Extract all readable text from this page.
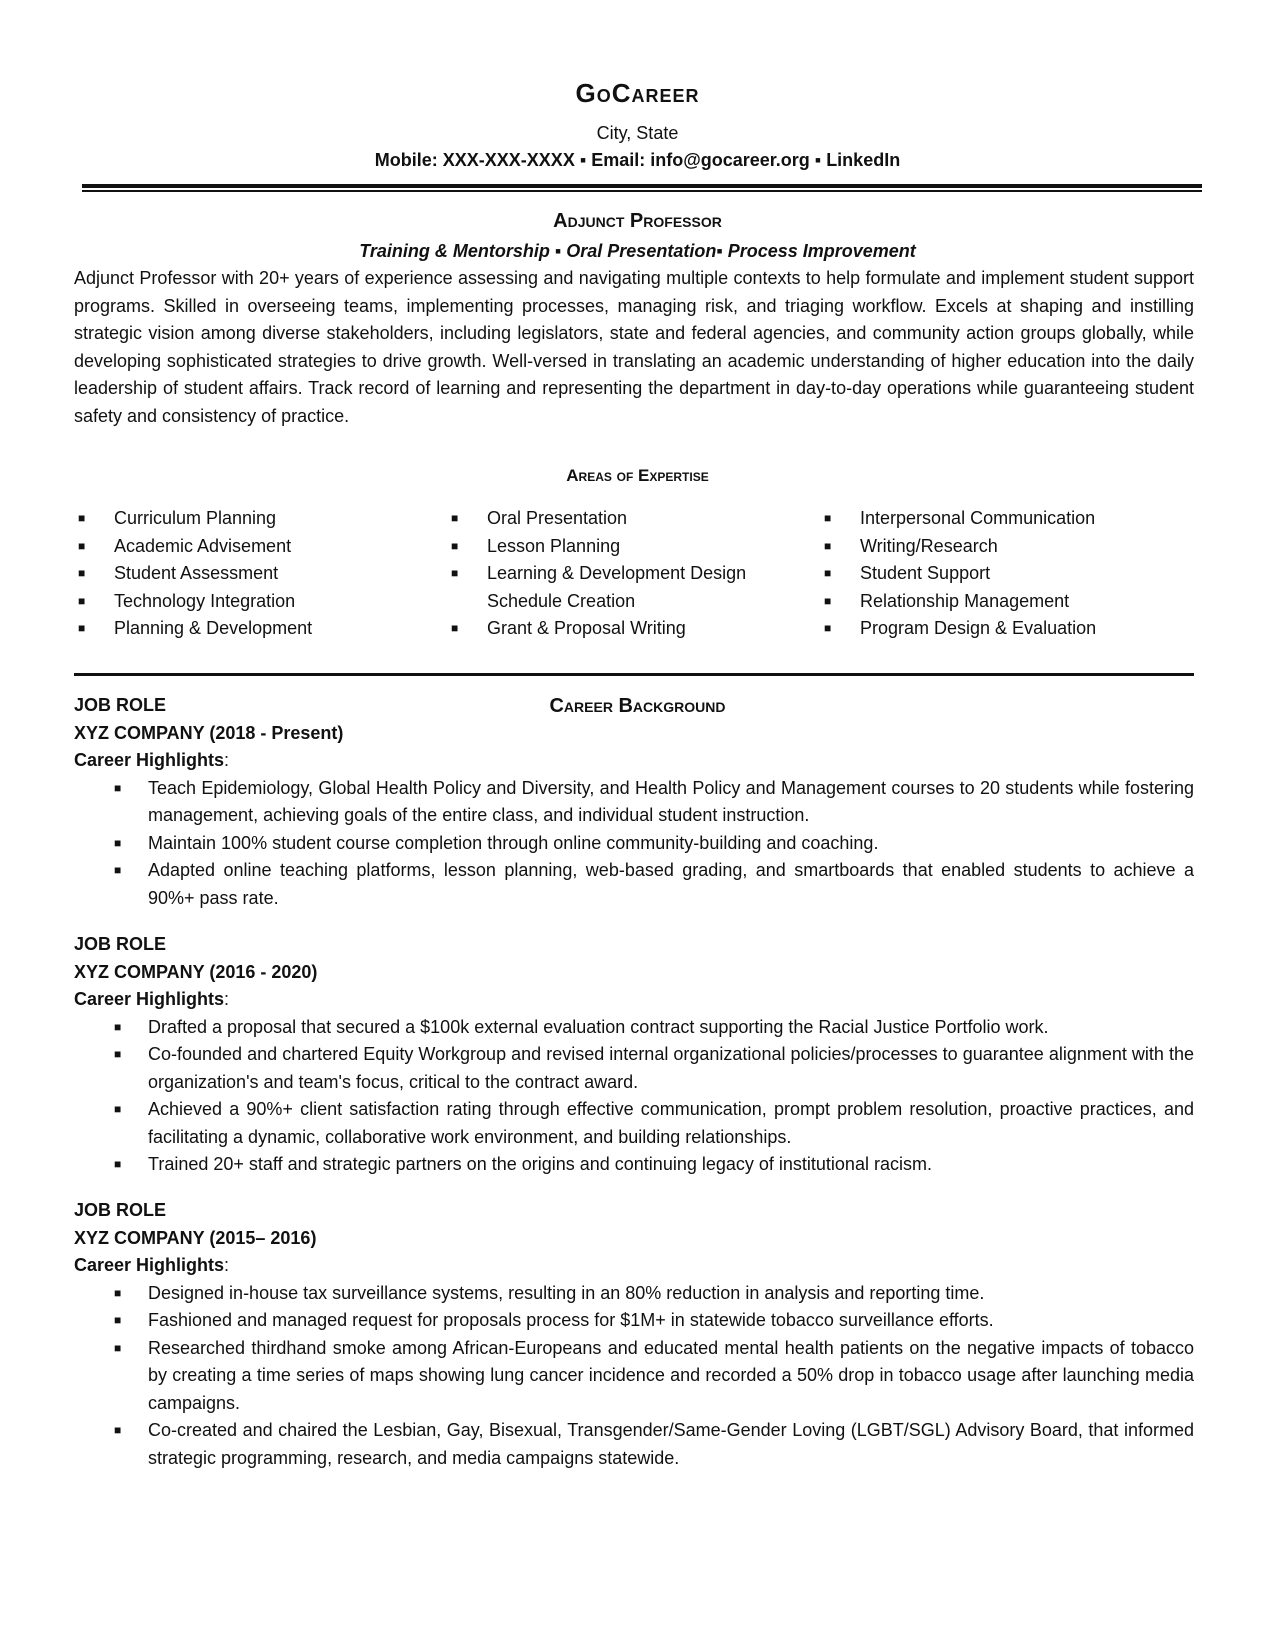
GoCareer
City, State
Mobile: XXX-XXX-XXXX ▪ Email: info@gocareer.org ▪ LinkedIn
Adjunct Professor
Training & Mentorship ▪ Oral Presentation▪ Process Improvement
Adjunct Professor with 20+ years of experience assessing and navigating multiple contexts to help formulate and implement student support programs. Skilled in overseeing teams, implementing processes, managing risk, and triaging workflow. Excels at shaping and instilling strategic vision among diverse stakeholders, including legislators, state and federal agencies, and community action groups globally, while developing sophisticated strategies to drive growth. Well-versed in translating an academic understanding of higher education into the daily leadership of student affairs. Track record of learning and representing the department in day-to-day operations while guaranteeing student safety and consistency of practice.
Areas of Expertise
■ Curriculum Planning
■ Academic Advisement
■ Student Assessment
■ Technology Integration
■ Planning & Development
■ Oral Presentation
■ Lesson Planning
■ Learning & Development Design
Schedule Creation
■ Grant & Proposal Writing
■ Interpersonal Communication
■ Writing/Research
■ Student Support
■ Relationship Management
■ Program Design & Evaluation
Career Background
JOB ROLE
XYZ COMPANY (2018 - Present)
Career Highlights:
■ Teach Epidemiology, Global Health Policy and Diversity, and Health Policy and Management courses to 20 students while fostering management, achieving goals of the entire class, and individual student instruction.
■ Maintain 100% student course completion through online community-building and coaching.
■ Adapted online teaching platforms, lesson planning, web-based grading, and smartboards that enabled students to achieve a 90%+ pass rate.
JOB ROLE
XYZ COMPANY (2016 - 2020)
Career Highlights:
■ Drafted a proposal that secured a $100k external evaluation contract supporting the Racial Justice Portfolio work.
■ Co-founded and chartered Equity Workgroup and revised internal organizational policies/processes to guarantee alignment with the organization's and team's focus, critical to the contract award.
■ Achieved a 90%+ client satisfaction rating through effective communication, prompt problem resolution, proactive practices, and facilitating a dynamic, collaborative work environment, and building relationships.
■ Trained 20+ staff and strategic partners on the origins and continuing legacy of institutional racism.
JOB ROLE
XYZ COMPANY (2015– 2016)
Career Highlights:
■ Designed in-house tax surveillance systems, resulting in an 80% reduction in analysis and reporting time.
■ Fashioned and managed request for proposals process for $1M+ in statewide tobacco surveillance efforts.
■ Researched thirdhand smoke among African-Europeans and educated mental health patients on the negative impacts of tobacco by creating a time series of maps showing lung cancer incidence and recorded a 50% drop in tobacco usage after launching media campaigns.
■ Co-created and chaired the Lesbian, Gay, Bisexual, Transgender/Same-Gender Loving (LGBT/SGL) Advisory Board, that informed strategic programming, research, and media campaigns statewide.
